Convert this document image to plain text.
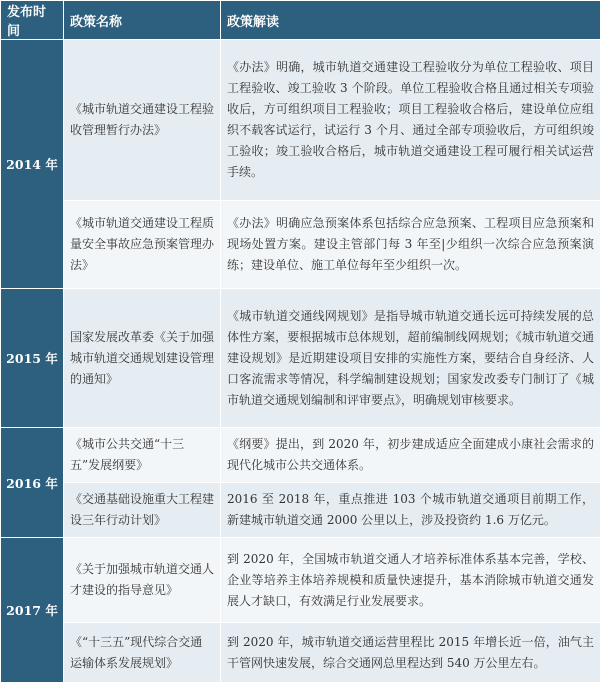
发布时间	政策名称	政策解读
2014 年	《城市轨道交通建设工程验收管理暂行办法》	《办法》明确，城市轨道交通建设工程验收分为单位工程验收、项目工程验收、竣工验收 3 个阶段。单位工程验收合格且通过相关专项验收后，方可组织项目工程验收；项目工程验收合格后，建设单位应组织不载客试运行，试运行 3 个月、通过全部专项验收后，方可组织竣工验收；竣工验收合格后，城市轨道交通建设工程可履行相关试运营手续。
	《城市轨道交通建设工程质量安全事故应急预案管理办法》	《办法》明确应急预案体系包括综合应急预案、工程项目应急预案和现场处置方案。建设主管部门每 3 年至|少组织一次综合应急预案演练；建设单位、施工单位每年至少组织一次。
2015 年	国家发展改革委《关于加强城市轨道交通规划建设管理的通知》	《城市轨道交通线网规划》是指导城市轨道交通长远可持续发展的总体性方案，要根据城市总体规划，超前编制线网规划；《城市轨道交通建设规划》是近期建设项目安排的实施性方案，要结合自身经济、人口客流需求等情况，科学编制建设规划；国家发改委专门制订了《城市轨道交通规划编制和评审要点》，明确规划审核要求。
2016 年	《城市公共交通“十三五”发展纲要》	《纲要》提出，到 2020 年，初步建成适应全面建成小康社会需求的现代化城市公共交通体系。
	《交通基础设施重大工程建设三年行动计划》	2016 至 2018 年，重点推进 103 个城市轨道交通项目前期工作，新建城市轨道交通 2000 公里以上，涉及投资约 1.6 万亿元。
2017 年	《关于加强城市轨道交通人才建设的指导意见》	到 2020 年，全国城市轨道交通人才培养标准体系基本完善，学校、企业等培养主体培养规模和质量快速提升，基本消除城市轨道交通发展人才缺口，有效满足行业发展要求。
	《“十三五”现代综合交通运输体系发展规划》	到 2020 年，城市轨道交通运营里程比 2015 年增长近一倍，油气主干管网快速发展，综合交通网总里程达到 540 万公里左右。
